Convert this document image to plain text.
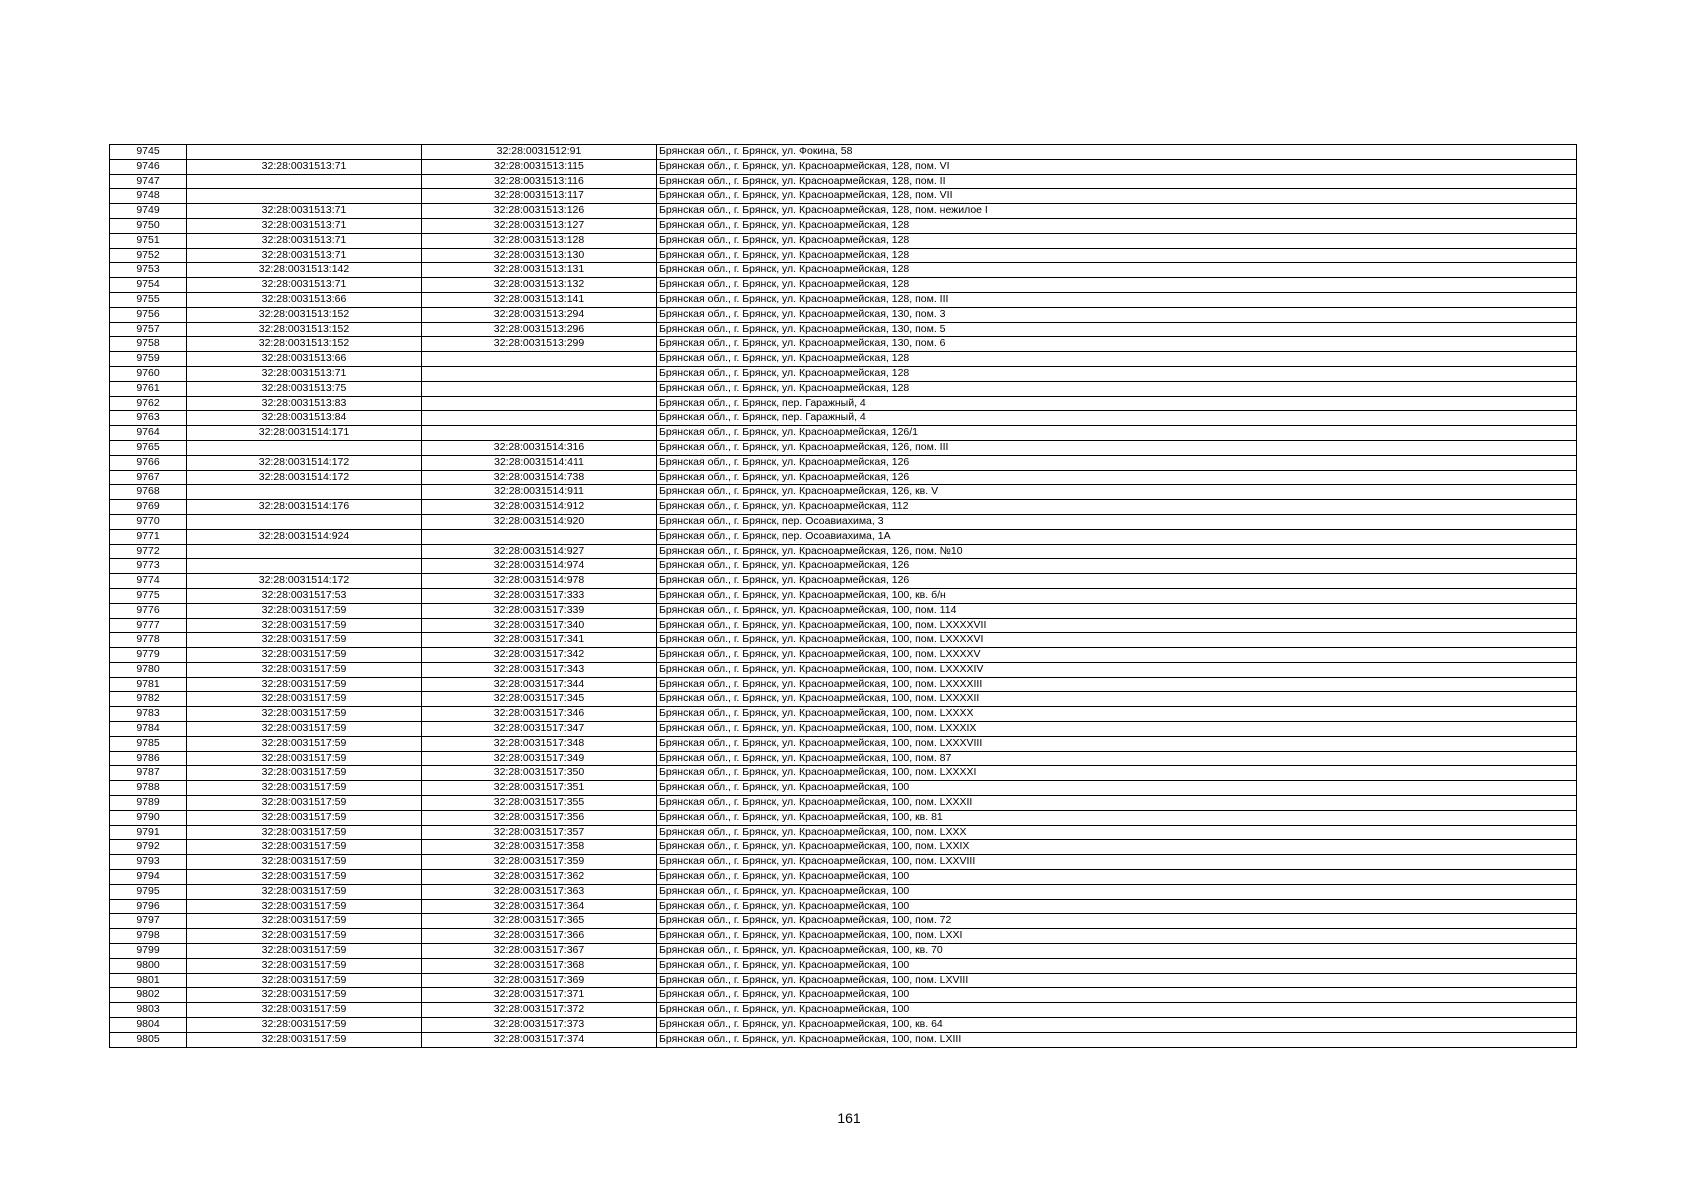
9745		32:28:0031512:91	Брянская обл., г. Брянск, ул. Фокина, 58
9746	32:28:0031513:71	32:28:0031513:115	Брянская обл., г. Брянск, ул. Красноармейская, 128, пом. VI
9747		32:28:0031513:116	Брянская обл., г. Брянск, ул. Красноармейская, 128, пом. II
9748		32:28:0031513:117	Брянская обл., г. Брянск, ул. Красноармейская, 128, пом. VII
9749	32:28:0031513:71	32:28:0031513:126	Брянская обл., г. Брянск, ул. Красноармейская, 128, пом. нежилое I
9750	32:28:0031513:71	32:28:0031513:127	Брянская обл., г. Брянск, ул. Красноармейская, 128
9751	32:28:0031513:71	32:28:0031513:128	Брянская обл., г. Брянск, ул. Красноармейская, 128
9752	32:28:0031513:71	32:28:0031513:130	Брянская обл., г. Брянск, ул. Красноармейская, 128
9753	32:28:0031513:142	32:28:0031513:131	Брянская обл., г. Брянск, ул. Красноармейская, 128
9754	32:28:0031513:71	32:28:0031513:132	Брянская обл., г. Брянск, ул. Красноармейская, 128
9755	32:28:0031513:66	32:28:0031513:141	Брянская обл., г. Брянск, ул. Красноармейская, 128, пом. III
9756	32:28:0031513:152	32:28:0031513:294	Брянская обл., г. Брянск, ул. Красноармейская, 130, пом. 3
9757	32:28:0031513:152	32:28:0031513:296	Брянская обл., г. Брянск, ул. Красноармейская, 130, пом. 5
9758	32:28:0031513:152	32:28:0031513:299	Брянская обл., г. Брянск, ул. Красноармейская, 130, пом. 6
9759	32:28:0031513:66		Брянская обл., г. Брянск, ул. Красноармейская, 128
9760	32:28:0031513:71		Брянская обл., г. Брянск, ул. Красноармейская, 128
9761	32:28:0031513:75		Брянская обл., г. Брянск, ул. Красноармейская, 128
9762	32:28:0031513:83		Брянская обл., г. Брянск, пер. Гаражный, 4
9763	32:28:0031513:84		Брянская обл., г. Брянск, пер. Гаражный, 4
9764	32:28:0031514:171		Брянская обл., г. Брянск, ул. Красноармейская, 126/1
9765		32:28:0031514:316	Брянская обл., г. Брянск, ул. Красноармейская, 126, пом. III
9766	32:28:0031514:172	32:28:0031514:411	Брянская обл., г. Брянск, ул. Красноармейская, 126
9767	32:28:0031514:172	32:28:0031514:738	Брянская обл., г. Брянск, ул. Красноармейская, 126
9768		32:28:0031514:911	Брянская обл., г. Брянск, ул. Красноармейская, 126, кв. V
9769	32:28:0031514:176	32:28:0031514:912	Брянская обл., г. Брянск, ул. Красноармейская, 112
9770		32:28:0031514:920	Брянская обл., г. Брянск, пер. Осоавиахима, 3
9771	32:28:0031514:924		Брянская обл., г. Брянск, пер. Осоавиахима, 1А
9772		32:28:0031514:927	Брянская обл., г. Брянск, ул. Красноармейская, 126, пом. №10
9773		32:28:0031514:974	Брянская обл., г. Брянск, ул. Красноармейская, 126
9774	32:28:0031514:172	32:28:0031514:978	Брянская обл., г. Брянск, ул. Красноармейская, 126
9775	32:28:0031517:53	32:28:0031517:333	Брянская обл., г. Брянск, ул. Красноармейская, 100, кв. б/н
9776	32:28:0031517:59	32:28:0031517:339	Брянская обл., г. Брянск, ул. Красноармейская, 100, пом. 114
9777	32:28:0031517:59	32:28:0031517:340	Брянская обл., г. Брянск, ул. Красноармейская, 100, пом. LXXXXVII
9778	32:28:0031517:59	32:28:0031517:341	Брянская обл., г. Брянск, ул. Красноармейская, 100, пом. LXXXXVI
9779	32:28:0031517:59	32:28:0031517:342	Брянская обл., г. Брянск, ул. Красноармейская, 100, пом. LXXXXV
9780	32:28:0031517:59	32:28:0031517:343	Брянская обл., г. Брянск, ул. Красноармейская, 100, пом. LXXXXIV
9781	32:28:0031517:59	32:28:0031517:344	Брянская обл., г. Брянск, ул. Красноармейская, 100, пом. LXXXXIII
9782	32:28:0031517:59	32:28:0031517:345	Брянская обл., г. Брянск, ул. Красноармейская, 100, пом. LXXXXII
9783	32:28:0031517:59	32:28:0031517:346	Брянская обл., г. Брянск, ул. Красноармейская, 100, пом. LXXXX
9784	32:28:0031517:59	32:28:0031517:347	Брянская обл., г. Брянск, ул. Красноармейская, 100, пом. LXXXIX
9785	32:28:0031517:59	32:28:0031517:348	Брянская обл., г. Брянск, ул. Красноармейская, 100, пом. LXXXVIII
9786	32:28:0031517:59	32:28:0031517:349	Брянская обл., г. Брянск, ул. Красноармейская, 100, пом. 87
9787	32:28:0031517:59	32:28:0031517:350	Брянская обл., г. Брянск, ул. Красноармейская, 100, пом. LXXXXI
9788	32:28:0031517:59	32:28:0031517:351	Брянская обл., г. Брянск, ул. Красноармейская, 100
9789	32:28:0031517:59	32:28:0031517:355	Брянская обл., г. Брянск, ул. Красноармейская, 100, пом. LXXXII
9790	32:28:0031517:59	32:28:0031517:356	Брянская обл., г. Брянск, ул. Красноармейская, 100, кв. 81
9791	32:28:0031517:59	32:28:0031517:357	Брянская обл., г. Брянск, ул. Красноармейская, 100, пом. LXXX
9792	32:28:0031517:59	32:28:0031517:358	Брянская обл., г. Брянск, ул. Красноармейская, 100, пом. LXXIX
9793	32:28:0031517:59	32:28:0031517:359	Брянская обл., г. Брянск, ул. Красноармейская, 100, пом. LXXVIII
9794	32:28:0031517:59	32:28:0031517:362	Брянская обл., г. Брянск, ул. Красноармейская, 100
9795	32:28:0031517:59	32:28:0031517:363	Брянская обл., г. Брянск, ул. Красноармейская, 100
9796	32:28:0031517:59	32:28:0031517:364	Брянская обл., г. Брянск, ул. Красноармейская, 100
9797	32:28:0031517:59	32:28:0031517:365	Брянская обл., г. Брянск, ул. Красноармейская, 100, пом. 72
9798	32:28:0031517:59	32:28:0031517:366	Брянская обл., г. Брянск, ул. Красноармейская, 100, пом. LXXI
9799	32:28:0031517:59	32:28:0031517:367	Брянская обл., г. Брянск, ул. Красноармейская, 100, кв. 70
9800	32:28:0031517:59	32:28:0031517:368	Брянская обл., г. Брянск, ул. Красноармейская, 100
9801	32:28:0031517:59	32:28:0031517:369	Брянская обл., г. Брянск, ул. Красноармейская, 100, пом. LXVIII
9802	32:28:0031517:59	32:28:0031517:371	Брянская обл., г. Брянск, ул. Красноармейская, 100
9803	32:28:0031517:59	32:28:0031517:372	Брянская обл., г. Брянск, ул. Красноармейская, 100
9804	32:28:0031517:59	32:28:0031517:373	Брянская обл., г. Брянск, ул. Красноармейская, 100, кв. 64
9805	32:28:0031517:59	32:28:0031517:374	Брянская обл., г. Брянск, ул. Красноармейская, 100, пом. LXIII
161
